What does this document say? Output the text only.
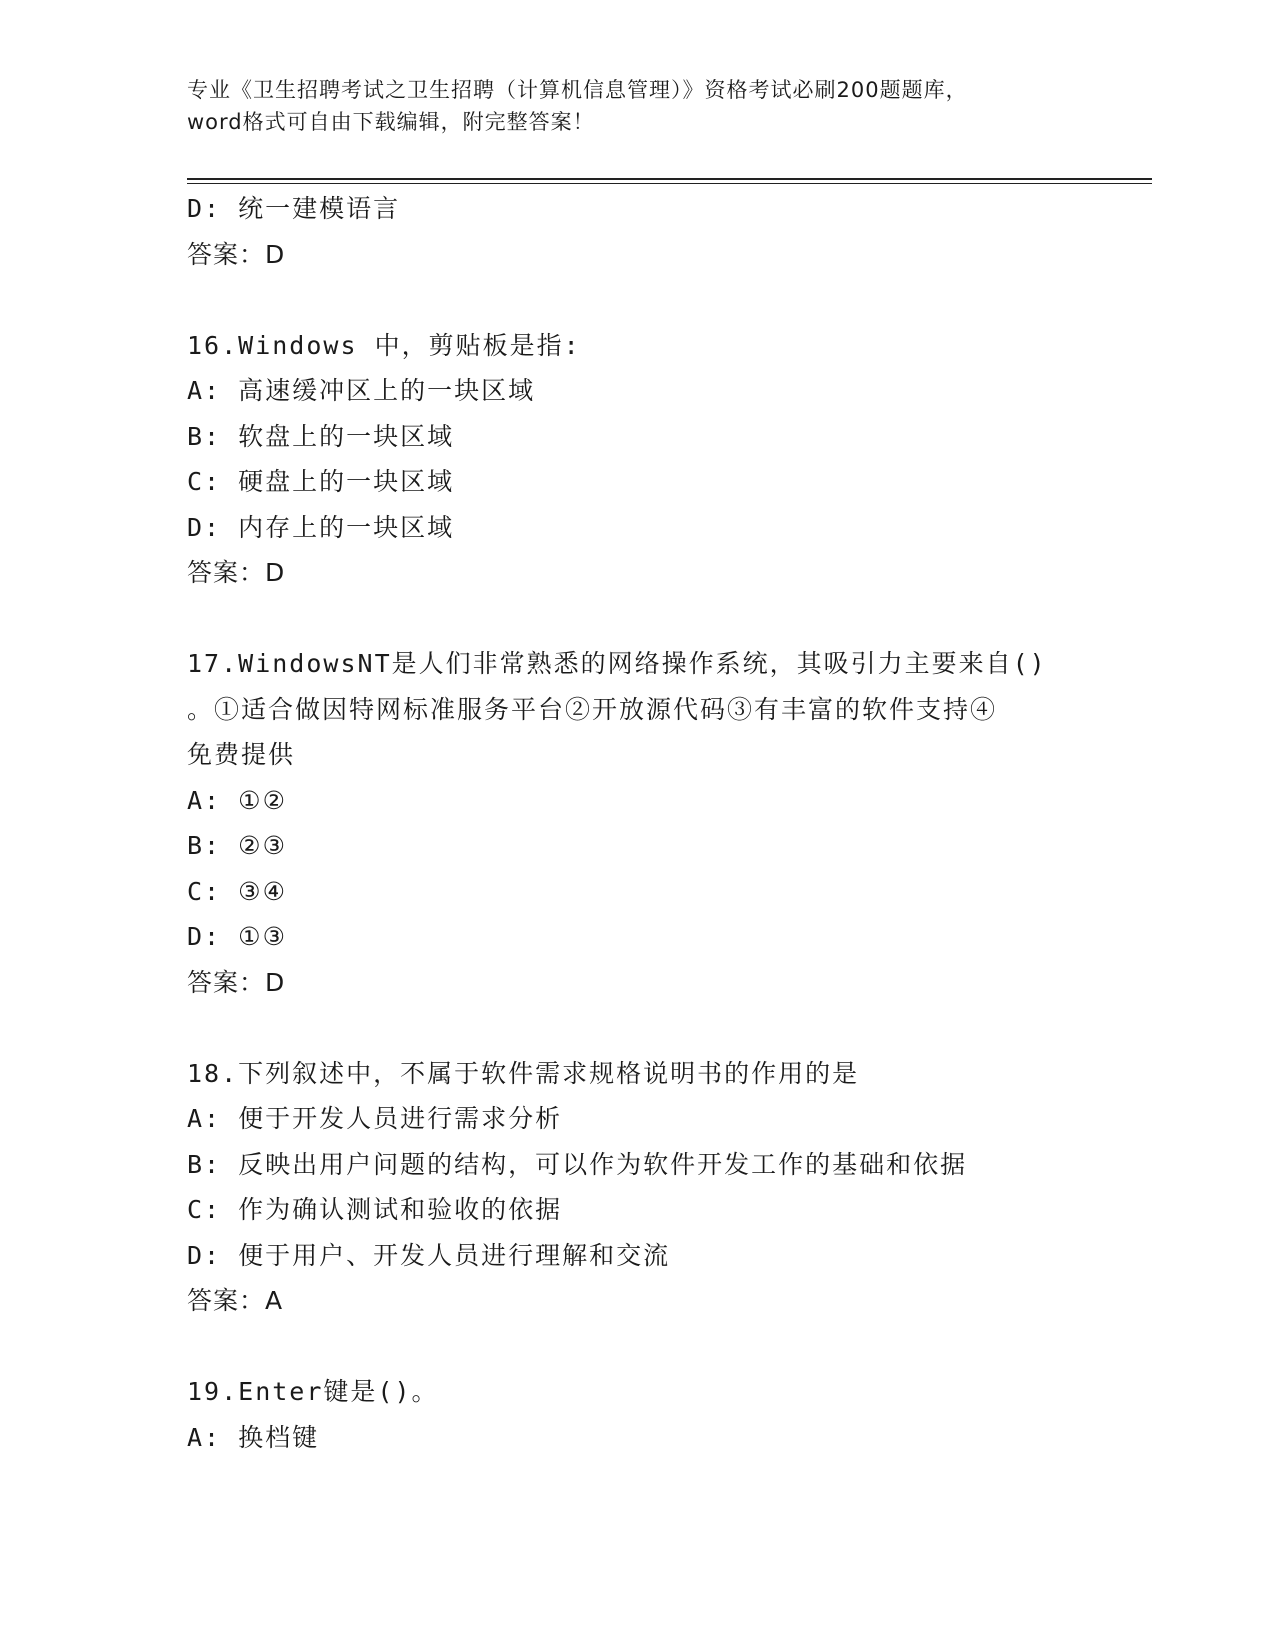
专业《卫生招聘考试之卫生招聘（计算机信息管理）》资格考试必刷200题题库，
word格式可自由下载编辑，附完整答案！
D: 统一建模语言
答案：D
16.Windows 中，剪贴板是指:
A: 高速缓冲区上的一块区域
B: 软盘上的一块区域
C: 硬盘上的一块区域
D: 内存上的一块区域
答案：D
17.WindowsNT是人们非常熟悉的网络操作系统，其吸引力主要来自()
。①适合做因特网标准服务平台②开放源代码③有丰富的软件支持④
免费提供
A: ①②
B: ②③
C: ③④
D: ①③
答案：D
18.下列叙述中，不属于软件需求规格说明书的作用的是
A: 便于开发人员进行需求分析
B: 反映出用户问题的结构，可以作为软件开发工作的基础和依据
C: 作为确认测试和验收的依据
D: 便于用户、开发人员进行理解和交流
答案：A
19.Enter键是()。
A: 换档键
